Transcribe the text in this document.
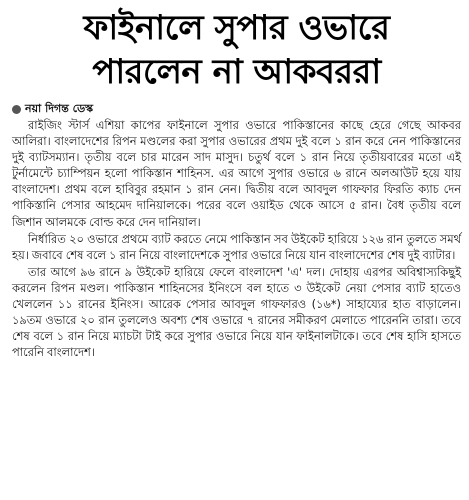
ফাইনালে সুপার ওভারে
পারলেন না আকবররা
নয়া দিগন্ত ডেস্ক

রাইজিং স্টার্স এশিয়া কাপের ফাইনালে সুপার ওভারে পাকিস্তানের কাছে হেরে গেছে আকবর আলিরা। বাংলাদেশের রিপন মণ্ডলের করা সুপার ওভারের প্রথম দুই বলে ১ রান করে নেন পাকিস্তানের দুই ব্যাটসম্যান। তৃতীয় বলে চার মারেন সাদ মাসুদ। চতুর্থ বলে ১ রান নিয়ে তৃতীয়বারের মতো এই টুর্নামেন্টে চ্যাম্পিয়ন হলো পাকিস্তান শাহিনস. এর আগে সুপার ওভারে ৬ রানে অলআউট হয়ে যায় বাংলাদেশ। প্রথম বলে হাবিবুর রহমান ১ রান নেন। দ্বিতীয় বলে আবদুল গাফফার ফিরতি ক্যাচ দেন পাকিস্তানি পেসার আহমেদ দানিয়ালকে। পরের বলে ওয়াইড থেকে আসে ৫ রান। বৈধ তৃতীয় বলে জিশান আলমকে বোল্ড করে দেন দানিয়াল।

নির্ধারিত ২০ ওভারে প্রথমে ব্যাট করতে নেমে পাকিস্তান সব উইকেট হারিয়ে ১২৬ রান তুলতে সমর্থ হয়। জবাবে শেষ বলে ১ রান নিয়ে বাংলাদেশকে সুপার ওভারে নিয়ে যান বাংলাদেশের শেষ দুই ব্যাটার।

তার আগে ৯৬ রানে ৯ উইকেট হারিয়ে ফেলে বাংলাদেশ 'এ' দল। দোহায় এরপর অবিশ্বাস্যকিছুই করলেন রিপন মণ্ডল। পাকিস্তান শাহিনসের ইনিংসে বল হাতে ৩ উইকেট নেয়া পেসার ব্যাট হাতেও খেললেন ১১ রানের ইনিংস। আরেক পেসার আবদুল গাফফারও (১৬*) সাহায্যের হাত বাড়ালেন। ১৯তম ওভারে ২০ রান তুললেও অবশ্য শেষ ওভারে ৭ রানের সমীকরণ মেলাতে পারেননি তারা। তবে শেষ বলে ১ রান নিয়ে ম্যাচটা টাই করে সুপার ওভারে নিয়ে যান ফাইনালটাকে। তবে শেষ হাসি হাসতে পারেনি বাংলাদেশ।
